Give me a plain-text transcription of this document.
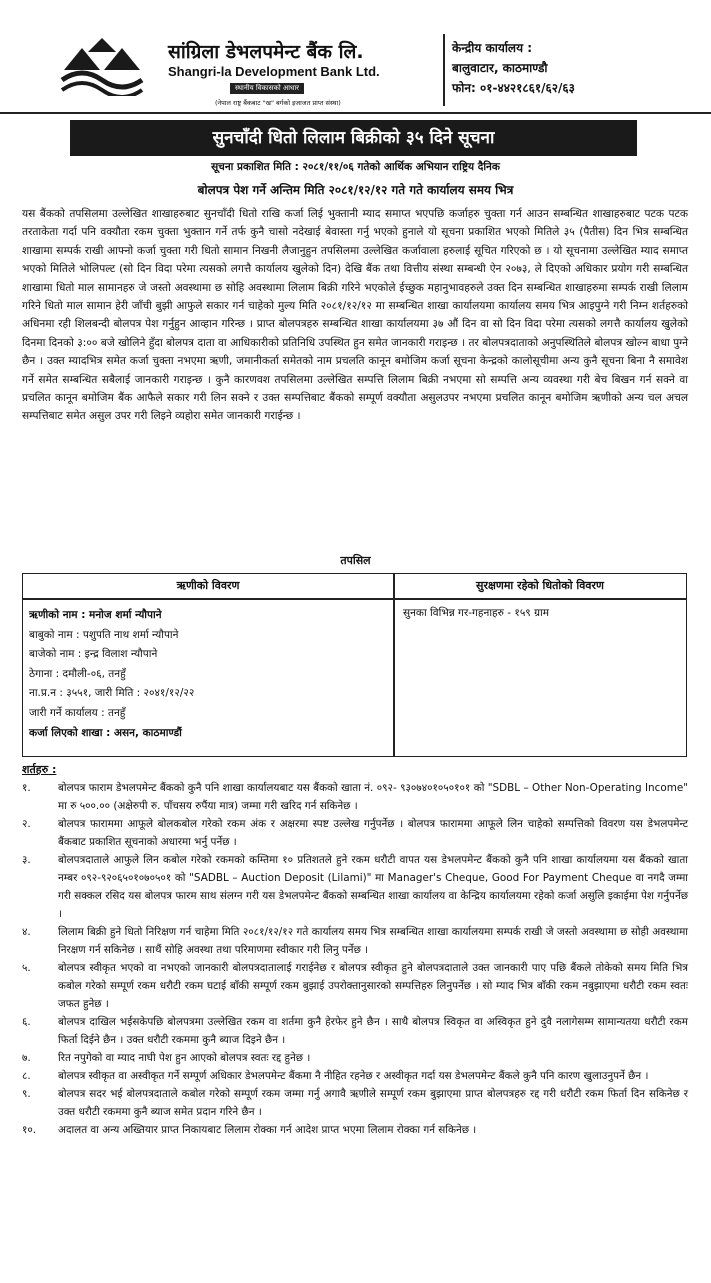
सांग्रिला डेभलपमेन्ट बैंक लि.
Shangri-la Development Bank Ltd.
स्थानीय विकासको आधार
(नेपाल राष्ट्र बैंकबाट "ख" बर्गको इजाजत प्राप्त संस्था)
केन्द्रीय कार्यालय :
बालुवाटार, काठमाण्डौ
फोन: ०१-४४२१८६१/६२/६३
सुनचाँदी धितो लिलाम बिक्रीको ३५ दिने सूचना
सूचना प्रकाशित मिति : २०८१/११/०६ गतेको आर्थिक अभियान राष्ट्रिय दैनिक
बोलपत्र पेश गर्ने अन्तिम मिति २०८१/१२/१२ गते गते कार्यालय समय भित्र
यस बैंकको तपसिलमा उल्लेखित शाखाहरुबाट सुनचाँदी धितो राखि कर्जा लिई भुक्तानी म्याद समाप्त भएपछि कर्जाहरु चुक्ता गर्न आउन सम्बन्धित शाखाहरुबाट पटक पटक तरताकेता गर्दा पनि वक्यौता रकम चुक्ता भुक्तान गर्ने तर्फ कुनै चासो नदेखाई बेवास्ता गर्नु भएको हुनाले यो सूचना प्रकाशित भएको मितिले ३५ (पैतीस) दिन भित्र सम्बन्धित शाखामा सम्पर्क राखी आफ्नो कर्जा चुक्ता गरी धितो सामान निखनी लैजानुहुन तपसिलमा उल्लेखित कर्जावाला हरुलाई सूचित गरिएको छ । यो सूचनामा उल्लेखित म्याद समाप्त भएको मितिले भोलिपल्ट (सो दिन विदा परेमा त्यसको लगत्तै कार्यालय खुलेको दिन) देखि बैंक तथा वित्तीय संस्था सम्बन्धी ऐन २०७३, ले दिएको अधिकार प्रयोग गरी सम्बन्धित शाखामा धितो माल सामानहरु जे जस्तो अवस्थामा छ सोहि अवस्थामा लिलाम बिक्री गरिने भएकोले ईच्छुक महानुभावहरुले उक्त दिन सम्बन्धित शाखाहरुमा सम्पर्क राखी लिलाम गरिने धितो माल सामान हेरी जाँची बुझी आफुले सकार गर्न चाहेको मुल्य मिति २०८१/१२/१२ मा सम्बन्धित शाखा कार्यालयमा कार्यालय समय भित्र आइपुग्ने गरी निम्न शर्तहरुको अधिनमा रही शिलबन्दी बोलपत्र पेश गर्नुहुन आव्हान गरिन्छ । प्राप्त बोलपत्रहरु सम्बन्धित शाखा कार्यालयमा ३७ औं दिन वा सो दिन विदा परेमा त्यसको लगत्तै कार्यालय खुलेको दिनमा दिनको ३:०० बजे खोलिने हुँदा बोलपत्र दाता वा आधिकारीको प्रतिनिधि उपस्थित हुन समेत जानकारी गराइन्छ । तर बोलपत्रदाताको अनुपस्थितिले बोलपत्र खोल्न बाधा पुग्ने छैन । उक्त म्यादभित्र समेत कर्जा चुक्ता नभएमा ऋणी, जमानीकर्ता समेतको नाम प्रचलति कानून बमोजिम कर्जा सूचना केन्द्रको कालोसूचीमा अन्य कुनै सूचना बिना नै समावेश गर्ने समेत सम्बन्धित सबैलाई जानकारी गराइन्छ । कुनै कारणवश तपसिलमा उल्लेखित सम्पत्ति लिलाम बिक्री नभएमा सो सम्पत्ति अन्य व्यवस्था गरी बेच बिखन गर्न सक्ने वा प्रचलित कानून बमोजिम बैंक आफैले सकार गरी लिन सक्ने र उक्त सम्पत्तिबाट बैंकको सम्पूर्ण वक्यौता असुलउपर नभएमा प्रचलित कानून बमोजिम ऋणीको अन्य चल अचल सम्पत्तिबाट समेत असुल उपर गरी लिइने व्यहोरा समेत जानकारी गराईन्छ ।
तपसिल
ऋणीको विवरण	सुरक्षणमा रहेको धितोको विवरण
ऋणीको नाम : मनोज शर्मा न्यौपाने
बाबुको नाम : पशुपति नाथ शर्मा न्यौपाने
बाजेको नाम : इन्द्र विलाश न्यौपाने
ठेगाना : दमौली-०६, तनहुँ
ना.प्र.न : ३५५१, जारी मिति : २०४१/१२/२२
जारी गर्ने कार्यालय : तनहुँ
कर्जा लिएको शाखा : असन, काठमाण्डौं
सुनका विभिन्न गर-गहनाहरु - १५९ ग्राम
शर्तहरु :
१.	बोलपत्र फाराम डेभलपमेन्ट बैंकको कुनै पनि शाखा कार्यालयबाट यस बैंकको खाता नं. ०९२- ९३०७४०१०५०१०१ को "SDBL – Other Non-Operating Income" मा रु ५००.०० (अक्षेरुपी रु. पाँचसय रुपैंया मात्र) जम्मा गरी खरिद गर्न सकिनेछ ।
२.	बोलपत्र फाराममा आफूले बोलकबोल गरेको रकम अंक र अक्षरमा स्पष्ट उल्लेख गर्नुपर्नेछ । बोलपत्र फाराममा आफूले लिन चाहेको सम्पत्तिको विवरण यस डेभलपमेन्ट बैंकबाट प्रकाशित सूचनाको अधारमा भर्नु पर्नेछ ।
३.	बोलपत्रदाताले आफुले लिन कबोल गरेको रकमको कम्तिमा १० प्रतिशतले हुने रकम धरौटी वापत यस डेभलपमेन्ट बैंकको कुनै पनि शाखा कार्यालयमा यस बैंकको खाता नम्बर ०९२-९२०६५०१०७०५०१ को "SADBL – Auction Deposit (Lilami)" मा Manager's Cheque, Good For Payment Cheque वा नगदै जम्मा गरी सक्कल रसिद यस बोलपत्र फारम साथ संलग्न गरी यस डेभलपमेन्ट बैंकको सम्बन्धित शाखा कार्यालय वा केन्द्रिय कार्यालयमा रहेको कर्जा असुलि इकाईमा पेश गर्नुपर्नेछ ।
४.	लिलाम बिक्री हुने धितो निरिक्षण गर्न चाहेमा मिति २०८१/१२/१२ गते कार्यालय समय भित्र सम्बन्धित शाखा कार्यालयमा सम्पर्क राखी जे जस्तो अवस्थामा छ सोही अवस्थामा निरक्षण गर्न सकिनेछ । साथैं सोहि अवस्था तथा परिमाणमा स्वीकार गरी लिनु पर्नेछ ।
५.	बोलपत्र स्वीकृत भएको वा नभएको जानकारी बोलपत्रदातालाई गराईनेछ र बोलपत्र स्वीकृत हुने बोलपत्रदाताले उक्त जानकारी पाए पछि बैंकले तोकेको समय मिति भित्र कबोल गरेको सम्पूर्ण रकम धरौटी रकम घटाई बाँकी सम्पूर्ण रकम बुझाई उपरोक्तानुसारको सम्पत्तिहरु लिनुपर्नेछ । सो म्याद भित्र बाँकी रकम नबुझाएमा धरौटी रकम स्वतः जफत हुनेछ ।
६.	बोलपत्र दाखिल भईसकेपछि बोलपत्रमा उल्लेखित रकम वा शर्तमा कुनै हेरफेर हुने छैन । साथै बोलपत्र स्विकृत वा अस्विकृत हुने दुवै नलागेसम्म सामान्यतया धरौटी रकम फिर्ता दिईने छैन । उक्त धरौटी रकममा कुनै ब्याज दिइने छैन ।
७.	रित नपुगेको वा म्याद नाघी पेश हुन आएको बोलपत्र स्वतः रद्द हुनेछ ।
८.	बोलपत्र स्वीकृत वा अस्वीकृत गर्ने सम्पूर्ण अधिकार डेभलपमेन्ट बैंकमा नै नीहित रहनेछ र अस्वीकृत गर्दा यस डेभलपमेन्ट बैंकले कुनै पनि कारण खुलाउनुपर्ने छैन ।
९.	बोलपत्र सदर भई बोलपत्रदाताले कबोल गरेको सम्पूर्ण रकम जम्मा गर्नु अगावै ऋणीले सम्पूर्ण रकम बुझाएमा प्राप्त बोलपत्रहरु रद्द गरी धरौटी रकम फिर्ता दिन सकिनेछ र उक्त धरौटी रकममा कुनै ब्याज समेत प्रदान गरिने छैन ।
१०.	अदालत वा अन्य अख्तियार प्राप्त निकायबाट लिलाम रोक्का गर्न आदेश प्राप्त भएमा लिलाम रोक्का गर्न सकिनेछ ।
